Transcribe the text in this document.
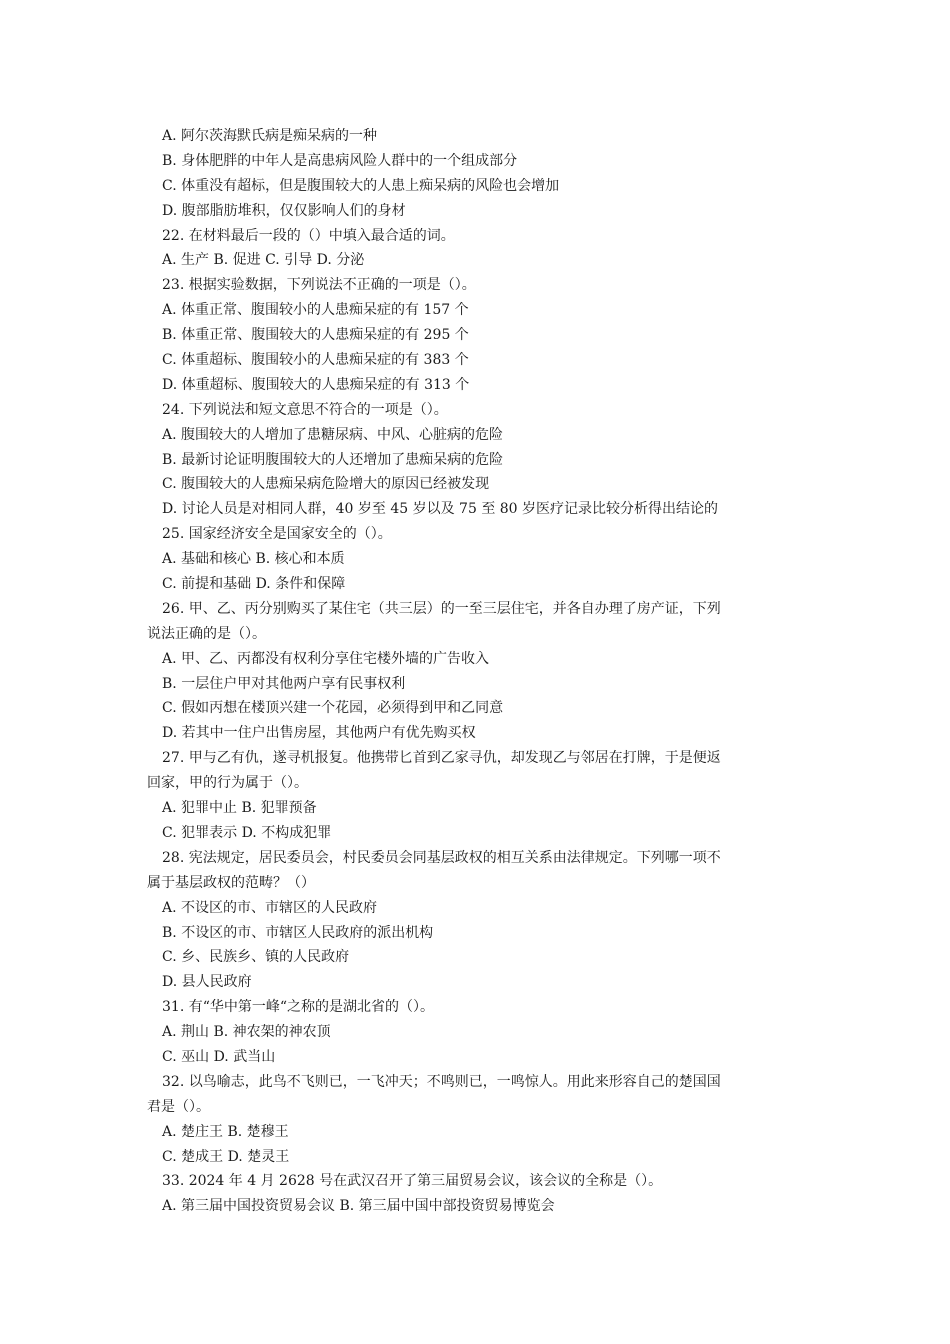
A. 阿尔茨海默氏病是痴呆病的一种
B. 身体肥胖的中年人是高患病风险人群中的一个组成部分
C. 体重没有超标，但是腹围较大的人患上痴呆病的风险也会增加
D. 腹部脂肪堆积，仅仅影响人们的身材
22. 在材料最后一段的（）中填入最合适的词。
A. 生产 B. 促进 C. 引导 D. 分泌
23. 根据实验数据，下列说法不正确的一项是（）。
A. 体重正常、腹围较小的人患痴呆症的有 157 个
B. 体重正常、腹围较大的人患痴呆症的有 295 个
C. 体重超标、腹围较小的人患痴呆症的有 383 个
D. 体重超标、腹围较大的人患痴呆症的有 313 个
24. 下列说法和短文意思不符合的一项是（）。
A. 腹围较大的人增加了患糖尿病、中风、心脏病的危险
B. 最新讨论证明腹围较大的人还增加了患痴呆病的危险
C. 腹围较大的人患痴呆病危险增大的原因已经被发现
D. 讨论人员是对相同人群，40 岁至 45 岁以及 75 至 80 岁医疗记录比较分析得出结论的
25. 国家经济安全是国家安全的（）。
A. 基础和核心 B. 核心和本质
C. 前提和基础 D. 条件和保障
26. 甲、乙、丙分别购买了某住宅（共三层）的一至三层住宅，并各自办理了房产证，下列
说法正确的是（）。
A. 甲、乙、丙都没有权利分享住宅楼外墙的广告收入
B. 一层住户甲对其他两户享有民事权利
C. 假如丙想在楼顶兴建一个花园，必须得到甲和乙同意
D. 若其中一住户出售房屋，其他两户有优先购买权
27. 甲与乙有仇，遂寻机报复。他携带匕首到乙家寻仇，却发现乙与邻居在打牌，于是便返
回家，甲的行为属于（）。
A. 犯罪中止 B. 犯罪预备
C. 犯罪表示 D. 不构成犯罪
28. 宪法规定，居民委员会，村民委员会同基层政权的相互关系由法律规定。下列哪一项不
属于基层政权的范畴？（）
A. 不设区的市、市辖区的人民政府
B. 不设区的市、市辖区人民政府的派出机构
C. 乡、民族乡、镇的人民政府
D. 县人民政府
31. 有“华中第一峰“之称的是湖北省的（）。
A. 荆山 B. 神农架的神农顶
C. 巫山 D. 武当山
32. 以鸟喻志，此鸟不飞则已，一飞冲天；不鸣则已，一鸣惊人。用此来形容自己的楚国国
君是（）。
A. 楚庄王 B. 楚穆王
C. 楚成王 D. 楚灵王
33. 2024 年 4 月 2628 号在武汉召开了第三届贸易会议，该会议的全称是（）。
A. 第三届中国投资贸易会议 B. 第三届中国中部投资贸易博览会
